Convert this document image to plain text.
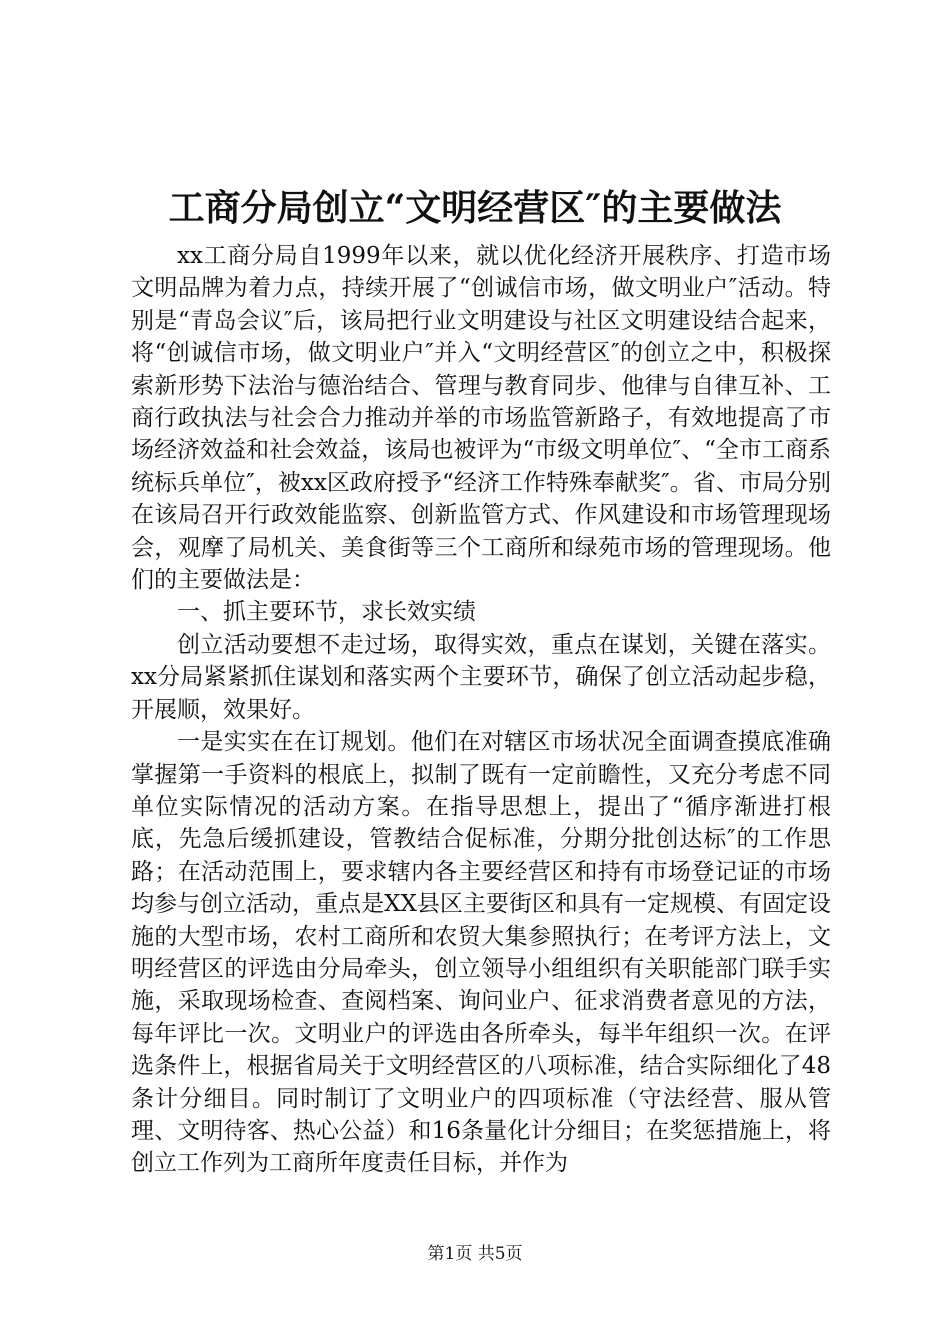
工商分局创立“文明经营区″的主要做法

xx工商分局自1999年以来，就以优化经济开展秩序、打造市场文明品牌为着力点，持续开展了“创诚信市场，做文明业户″活动。特别是“青岛会议″后，该局把行业文明建设与社区文明建设结合起来，将“创诚信市场，做文明业户″并入“文明经营区″的创立之中，积极探索新形势下法治与德治结合、管理与教育同步、他律与自律互补、工商行政执法与社会合力推动并举的市场监管新路子，有效地提高了市场经济效益和社会效益，该局也被评为“市级文明单位″、“全市工商系统标兵单位″，被xx区政府授予“经济工作特殊奉献奖″。省、市局分别在该局召开行政效能监察、创新监管方式、作风建设和市场管理现场会，观摩了局机关、美食街等三个工商所和绿苑市场的管理现场。他们的主要做法是：

一、抓主要环节，求长效实绩

创立活动要想不走过场，取得实效，重点在谋划，关键在落实。xx分局紧紧抓住谋划和落实两个主要环节，确保了创立活动起步稳，开展顺，效果好。

一是实实在在订规划。他们在对辖区市场状况全面调查摸底准确掌握第一手资料的根底上，拟制了既有一定前瞻性，又充分考虑不同单位实际情况的活动方案。在指导思想上，提出了“循序渐进打根底，先急后缓抓建设，管教结合促标准，分期分批创达标″的工作思路；在活动范围上，要求辖内各主要经营区和持有市场登记证的市场均参与创立活动，重点是XX县区主要街区和具有一定规模、有固定设施的大型市场，农村工商所和农贸大集参照执行；在考评方法上，文明经营区的评选由分局牵头，创立领导小组组织有关职能部门联手实施，采取现场检查、查阅档案、询问业户、征求消费者意见的方法，每年评比一次。文明业户的评选由各所牵头，每半年组织一次。在评选条件上，根据省局关于文明经营区的八项标准，结合实际细化了48条计分细目。同时制订了文明业户的四项标准（守法经营、服从管理、文明待客、热心公益）和16条量化计分细目；在奖惩措施上，将创立工作列为工商所年度责任目标，并作为

第1页 共5页
